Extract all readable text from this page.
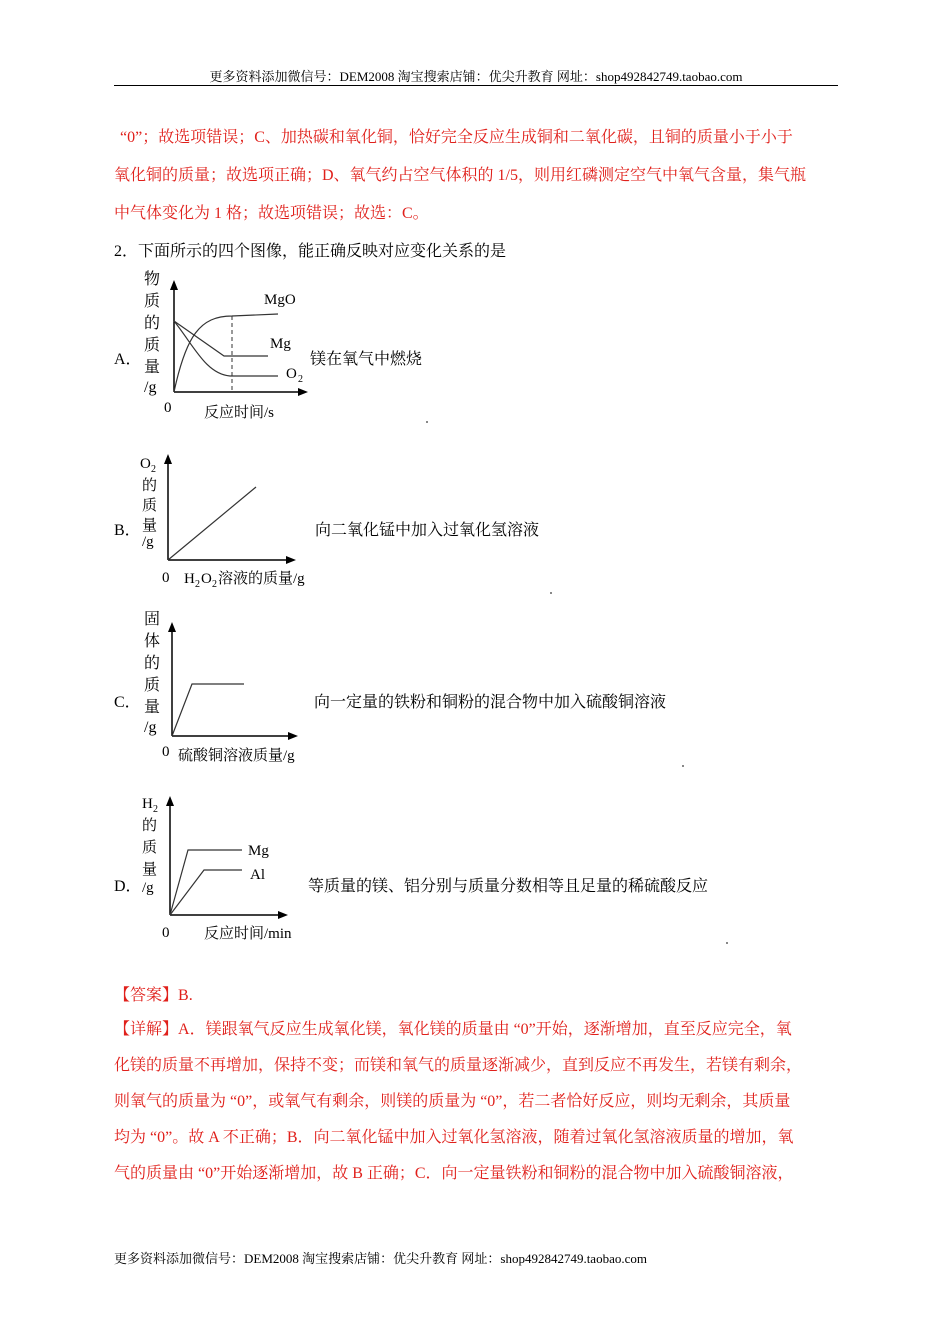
更多资料添加微信号：DEM2008 淘宝搜索店铺：优尖升教育 网址：shop492842749.taobao.com
“0”；故选项错误；C、加热碳和氧化铜，恰好完全反应生成铜和二氧化碳，且铜的质量小于小于
氧化铜的质量；故选项正确；D、氧气约占空气体积的 1/5，则用红磷测定空气中氧气含量，集气瓶
中气体变化为 1 格；故选项错误；故选：C。
2．下面所示的四个图像，能正确反映对应变化关系的是
A．
物
质
的
质
量
/g
MgO
Mg
O 2
0 反应时间/s
镁在氧气中燃烧
B．
O 2
的
质
量
/g
0 H 2 O 2 溶液的质量/g
向二氧化锰中加入过氧化氢溶液
C．
固
体
的
质
量
/g
0 硫酸铜溶液质量/g
向一定量的铁粉和铜粉的混合物中加入硫酸铜溶液
D．
H 2
的
质
量
/g
Mg
Al
0 反应时间/min
等质量的镁、铝分别与质量分数相等且足量的稀硫酸反应
【答案】B.
【详解】A．镁跟氧气反应生成氧化镁，氧化镁的质量由 “0”开始，逐渐增加，直至反应完全，氧
化镁的质量不再增加，保持不变；而镁和氧气的质量逐渐减少，直到反应不再发生，若镁有剩余，
则氧气的质量为 “0”，或氧气有剩余，则镁的质量为 “0”，若二者恰好反应，则均无剩余，其质量
均为 “0”。故 A 不正确；B．向二氧化锰中加入过氧化氢溶液，随着过氧化氢溶液质量的增加，氧
气的质量由 “0”开始逐渐增加，故 B 正确；C．向一定量铁粉和铜粉的混合物中加入硫酸铜溶液，
更多资料添加微信号：DEM2008 淘宝搜索店铺：优尖升教育 网址：shop492842749.taobao.com
